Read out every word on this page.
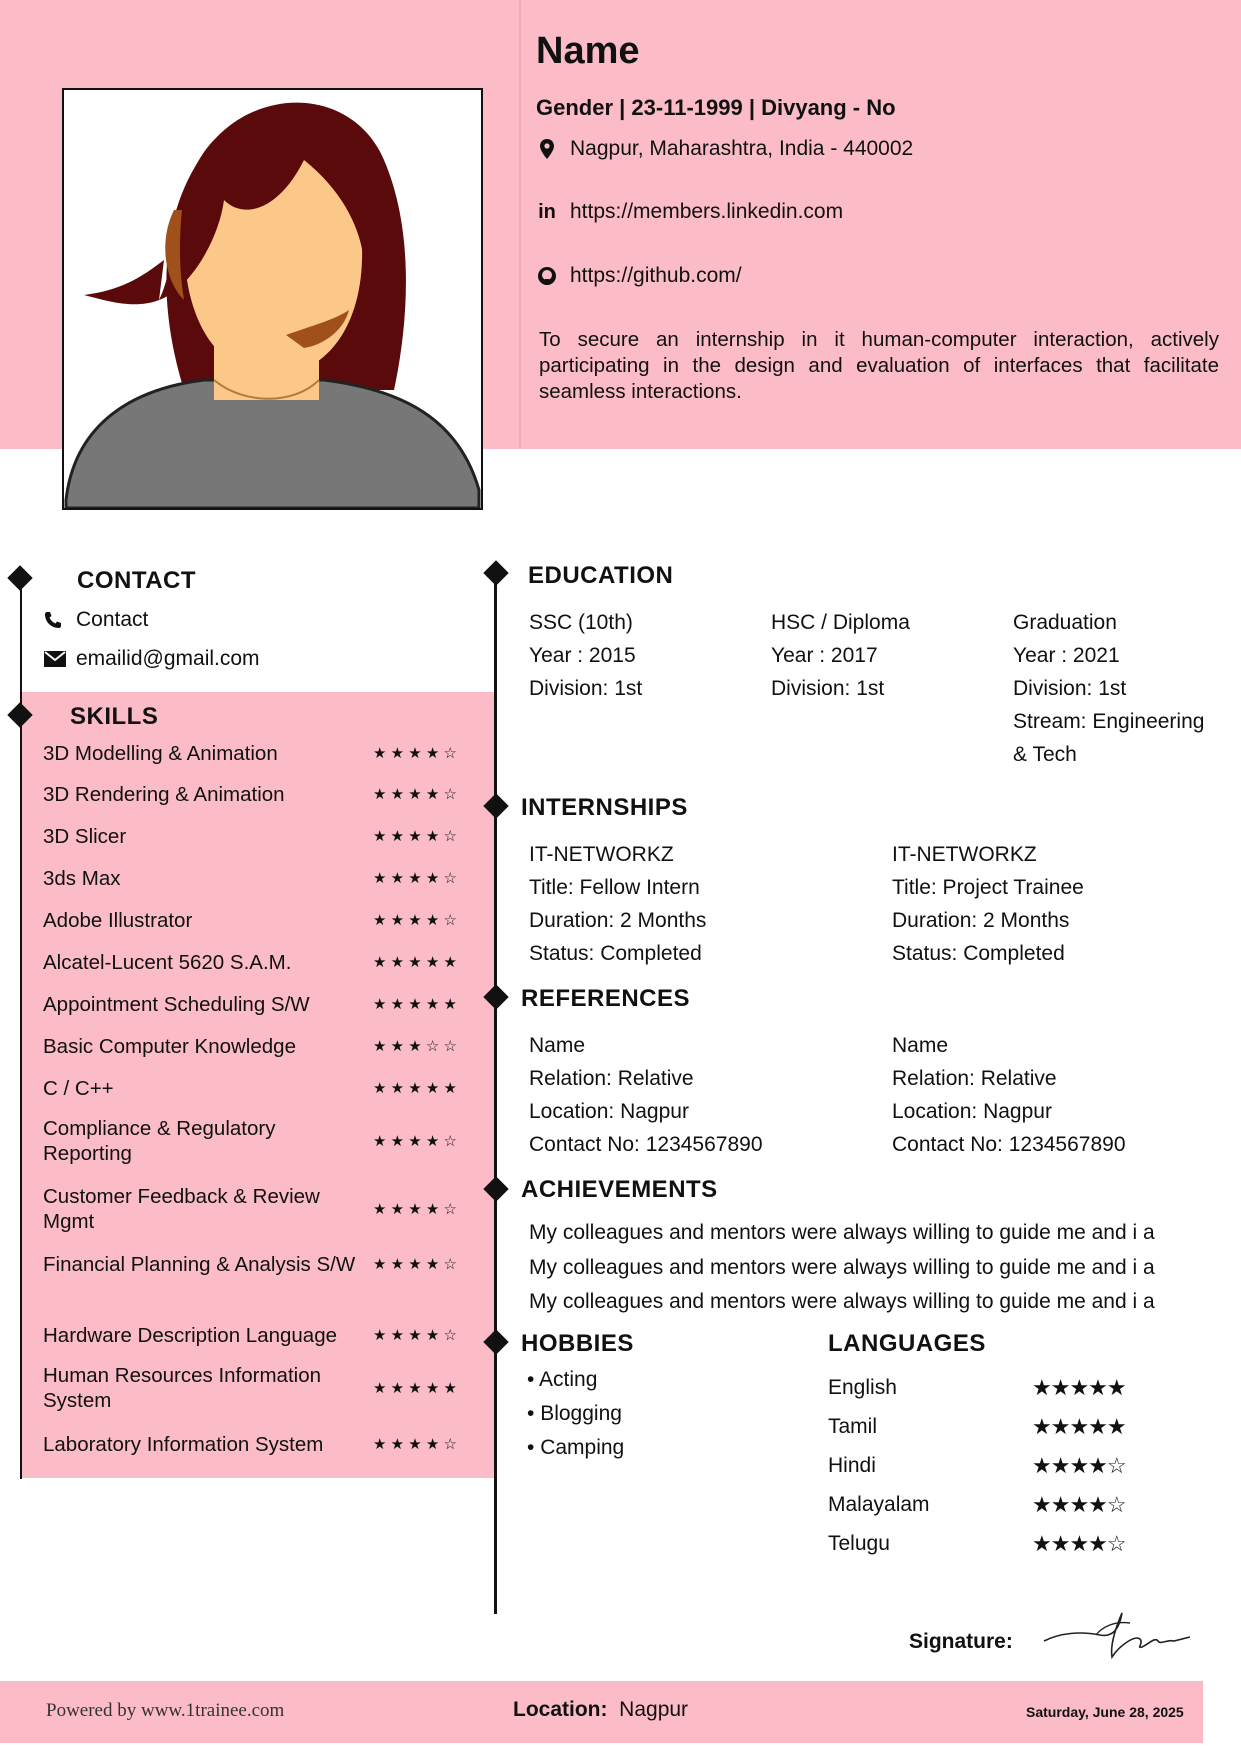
Name
Gender | 23-11-1999 | Divyang - No
Nagpur, Maharashtra, India - 440002
in https://members.linkedin.com
https://github.com/
To secure an internship in it human-computer interaction, actively participating in the design and evaluation of interfaces that facilitate seamless interactions.
CONTACT
Contact
emailid@gmail.com
SKILLS
3D Modelling & Animation	★ ★ ★ ★ ☆
3D Rendering & Animation	★ ★ ★ ★ ☆
3D Slicer	★ ★ ★ ★ ☆
3ds Max	★ ★ ★ ★ ☆
Adobe Illustrator	★ ★ ★ ★ ☆
Alcatel-Lucent 5620 S.A.M.	★ ★ ★ ★ ★
Appointment Scheduling S/W	★ ★ ★ ★ ★
Basic Computer Knowledge	★ ★ ★ ☆ ☆
C / C++	★ ★ ★ ★ ★
Compliance & Regulatory Reporting
★ ★ ★ ★ ☆
Customer Feedback & Review Mgmt
★ ★ ★ ★ ☆
Financial Planning & Analysis S/W	★ ★ ★ ★ ☆
Hardware Description Language	★ ★ ★ ★ ☆
Human Resources Information System
★ ★ ★ ★ ★
Laboratory Information System	★ ★ ★ ★ ☆
EDUCATION
SSC (10th)
Year : 2015
Division: 1st
HSC / Diploma
Year : 2017
Division: 1st
Graduation
Year : 2021
Division: 1st
Stream: Engineering
& Tech
INTERNSHIPS
IT-NETWORKZ
Title: Fellow Intern
Duration: 2 Months
Status: Completed
IT-NETWORKZ
Title: Project Trainee
Duration: 2 Months
Status: Completed
REFERENCES
Name
Relation: Relative
Location: Nagpur
Contact No: 1234567890
Name
Relation: Relative
Location: Nagpur
Contact No: 1234567890
ACHIEVEMENTS
My colleagues and mentors were always willing to guide me and i a
My colleagues and mentors were always willing to guide me and i a
My colleagues and mentors were always willing to guide me and i a
HOBBIES
• Acting
• Blogging
• Camping
LANGUAGES
English	★★★★★
Tamil	★★★★★
Hindi	★★★★☆
Malayalam	★★★★☆
Telugu	★★★★☆
Signature:
Powered by www.1trainee.com	Location: Nagpur	Saturday, June 28, 2025
